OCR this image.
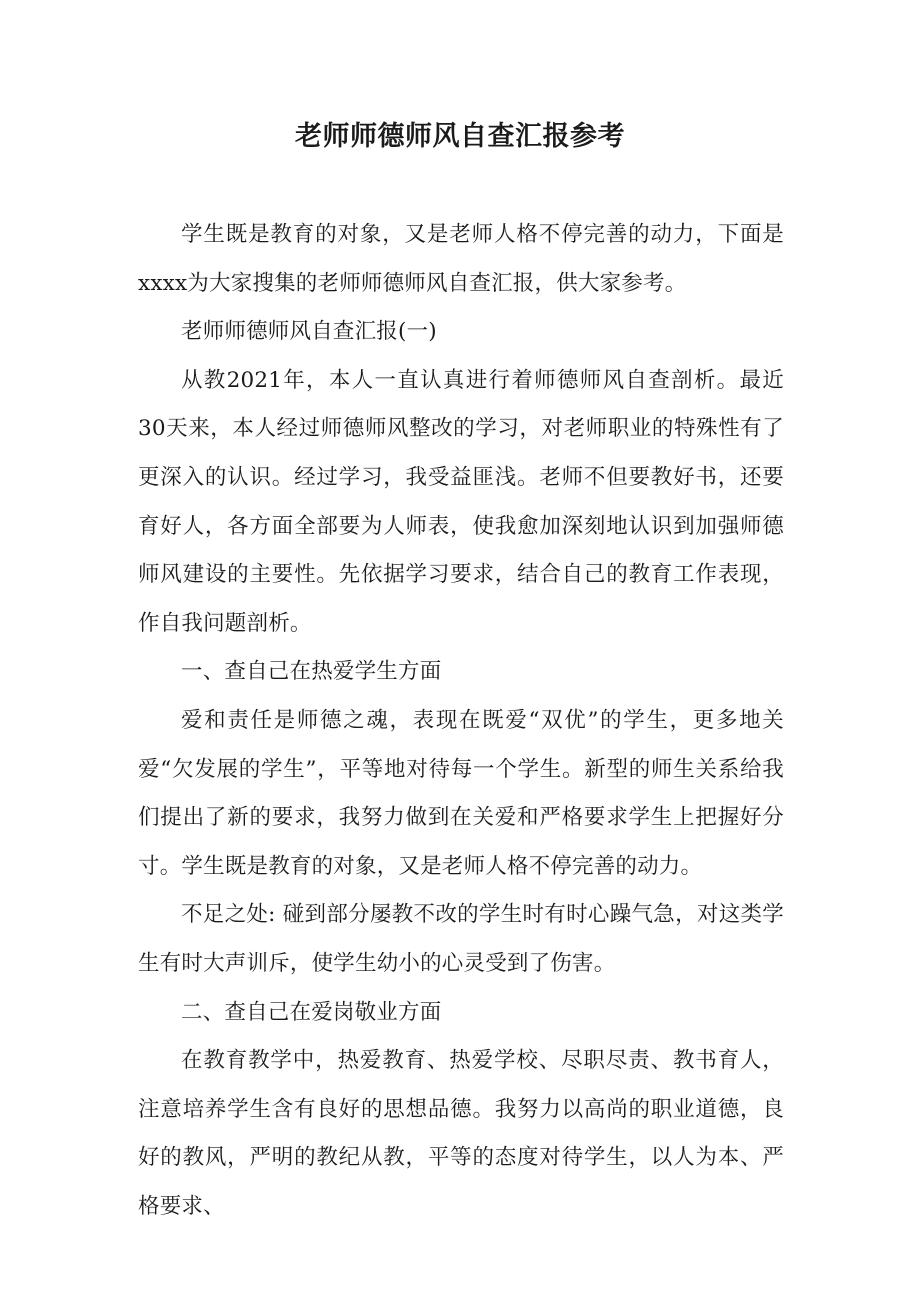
老师师德师风自查汇报参考

学生既是教育的对象，又是老师人格不停完善的动力，下面是xxxx为大家搜集的老师师德师风自查汇报，供大家参考。

老师师德师风自查汇报(一)

从教2021年，本人一直认真进行着师德师风自查剖析。最近30天来，本人经过师德师风整改的学习，对老师职业的特殊性有了更深入的认识。经过学习，我受益匪浅。老师不但要教好书，还要育好人，各方面全部要为人师表，使我愈加深刻地认识到加强师德师风建设的主要性。先依据学习要求，结合自己的教育工作表现，作自我问题剖析。

一、查自己在热爱学生方面

爱和责任是师德之魂，表现在既爱“双优”的学生，更多地关爱“欠发展的学生”，平等地对待每一个学生。新型的师生关系给我们提出了新的要求，我努力做到在关爱和严格要求学生上把握好分寸。学生既是教育的对象，又是老师人格不停完善的动力。

不足之处: 碰到部分屡教不改的学生时有时心躁气急，对这类学生有时大声训斥，使学生幼小的心灵受到了伤害。

二、查自己在爱岗敬业方面

在教育教学中，热爱教育、热爱学校、尽职尽责、教书育人，注意培养学生含有良好的思想品德。我努力以高尚的职业道德，良好的教风，严明的教纪从教，平等的态度对待学生，以人为本、严格要求、
